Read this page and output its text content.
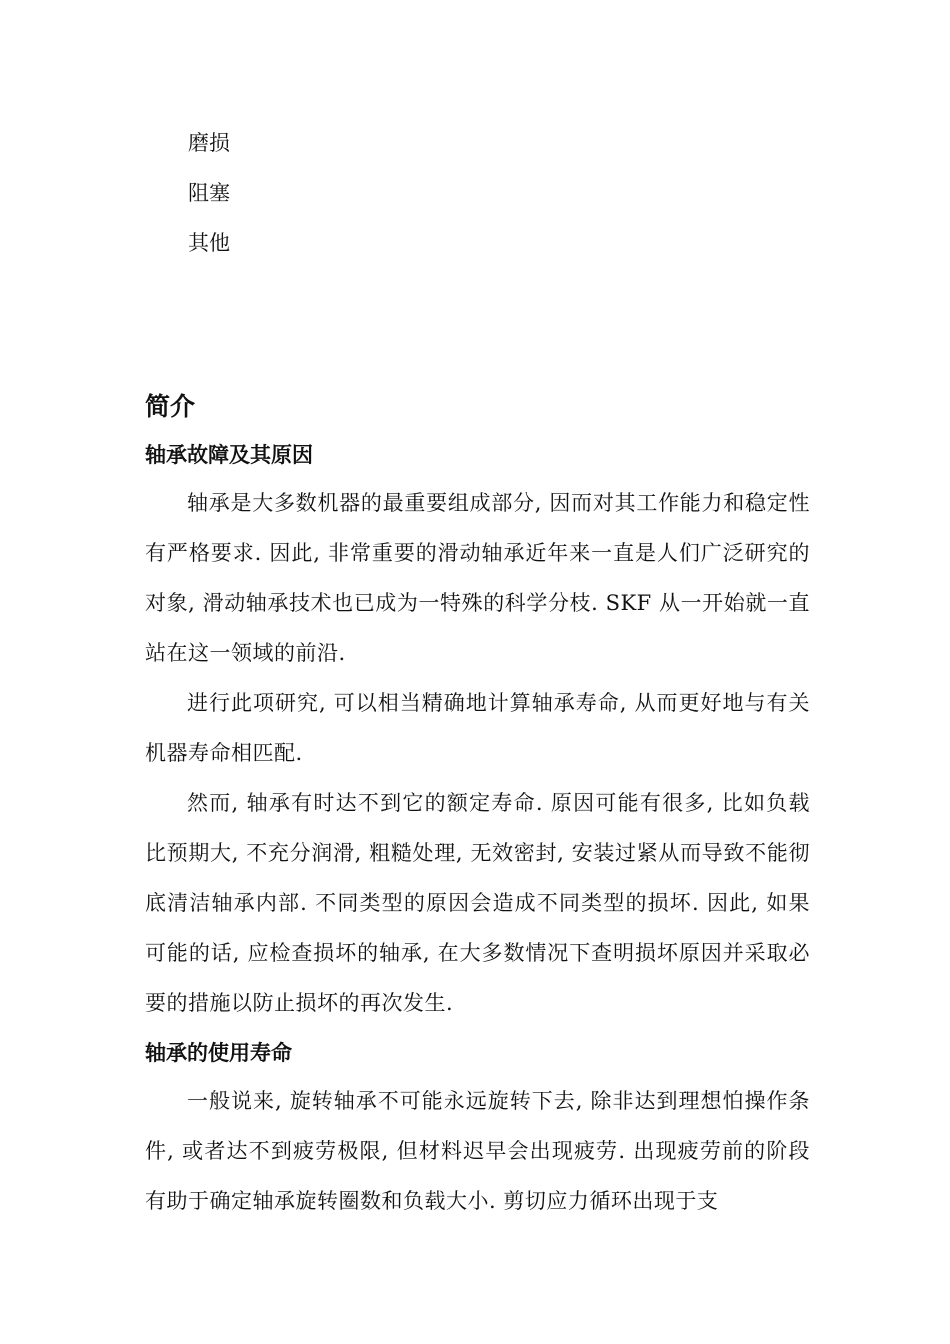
磨损
阻塞
其他
简介
轴承故障及其原因

轴承是大多数机器的最重要组成部分, 因而对其工作能力和稳定性有严格要求. 因此, 非常重要的滑动轴承近年来一直是人们广泛研究的对象, 滑动轴承技术也已成为一特殊的科学分枝. SKF 从一开始就一直站在这一领域的前沿.

进行此项研究, 可以相当精确地计算轴承寿命, 从而更好地与有关机器寿命相匹配.

然而, 轴承有时达不到它的额定寿命. 原因可能有很多, 比如负载比预期大, 不充分润滑, 粗糙处理, 无效密封, 安装过紧从而导致不能彻底清洁轴承内部. 不同类型的原因会造成不同类型的损坏. 因此, 如果可能的话, 应检查损坏的轴承, 在大多数情况下查明损坏原因并采取必要的措施以防止损坏的再次发生.

轴承的使用寿命

一般说来, 旋转轴承不可能永远旋转下去, 除非达到理想怕操作条件, 或者达不到疲劳极限, 但材料迟早会出现疲劳. 出现疲劳前的阶段有助于确定轴承旋转圈数和负载大小. 剪切应力循环出现于支
